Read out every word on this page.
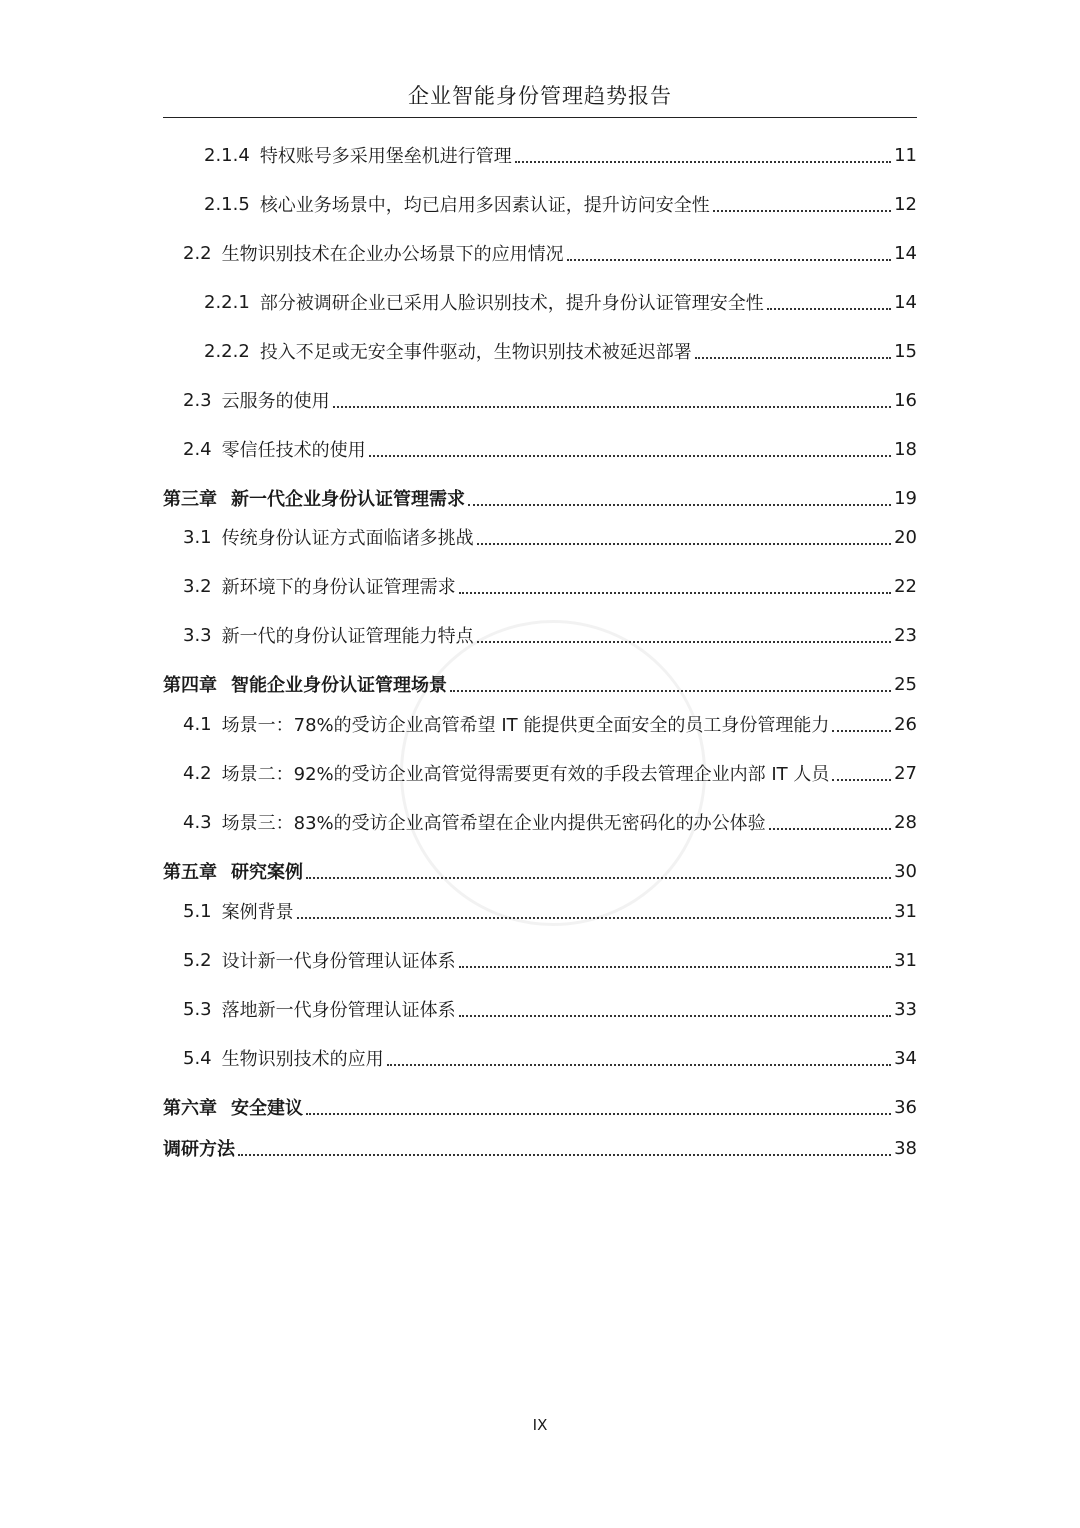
企业智能身份管理趋势报告
2.1.4 特权账号多采用堡垒机进行管理	11
2.1.5 核心业务场景中，均已启用多因素认证，提升访问安全性	12
2.2 生物识别技术在企业办公场景下的应用情况	14
2.2.1 部分被调研企业已采用人脸识别技术，提升身份认证管理安全性	14
2.2.2 投入不足或无安全事件驱动，生物识别技术被延迟部署	15
2.3 云服务的使用	16
2.4 零信任技术的使用	18
第三章 新一代企业身份认证管理需求	19
3.1 传统身份认证方式面临诸多挑战	20
3.2 新环境下的身份认证管理需求	22
3.3 新一代的身份认证管理能力特点	23
第四章 智能企业身份认证管理场景	25
4.1 场景一：78%的受访企业高管希望 IT 能提供更全面安全的员工身份管理能力	26
4.2 场景二：92%的受访企业高管觉得需要更有效的手段去管理企业内部 IT 人员	27
4.3 场景三：83%的受访企业高管希望在企业内提供无密码化的办公体验	28
第五章 研究案例	30
5.1 案例背景	31
5.2 设计新一代身份管理认证体系	31
5.3 落地新一代身份管理认证体系	33
5.4 生物识别技术的应用	34
第六章 安全建议	36
调研方法	38
IX
